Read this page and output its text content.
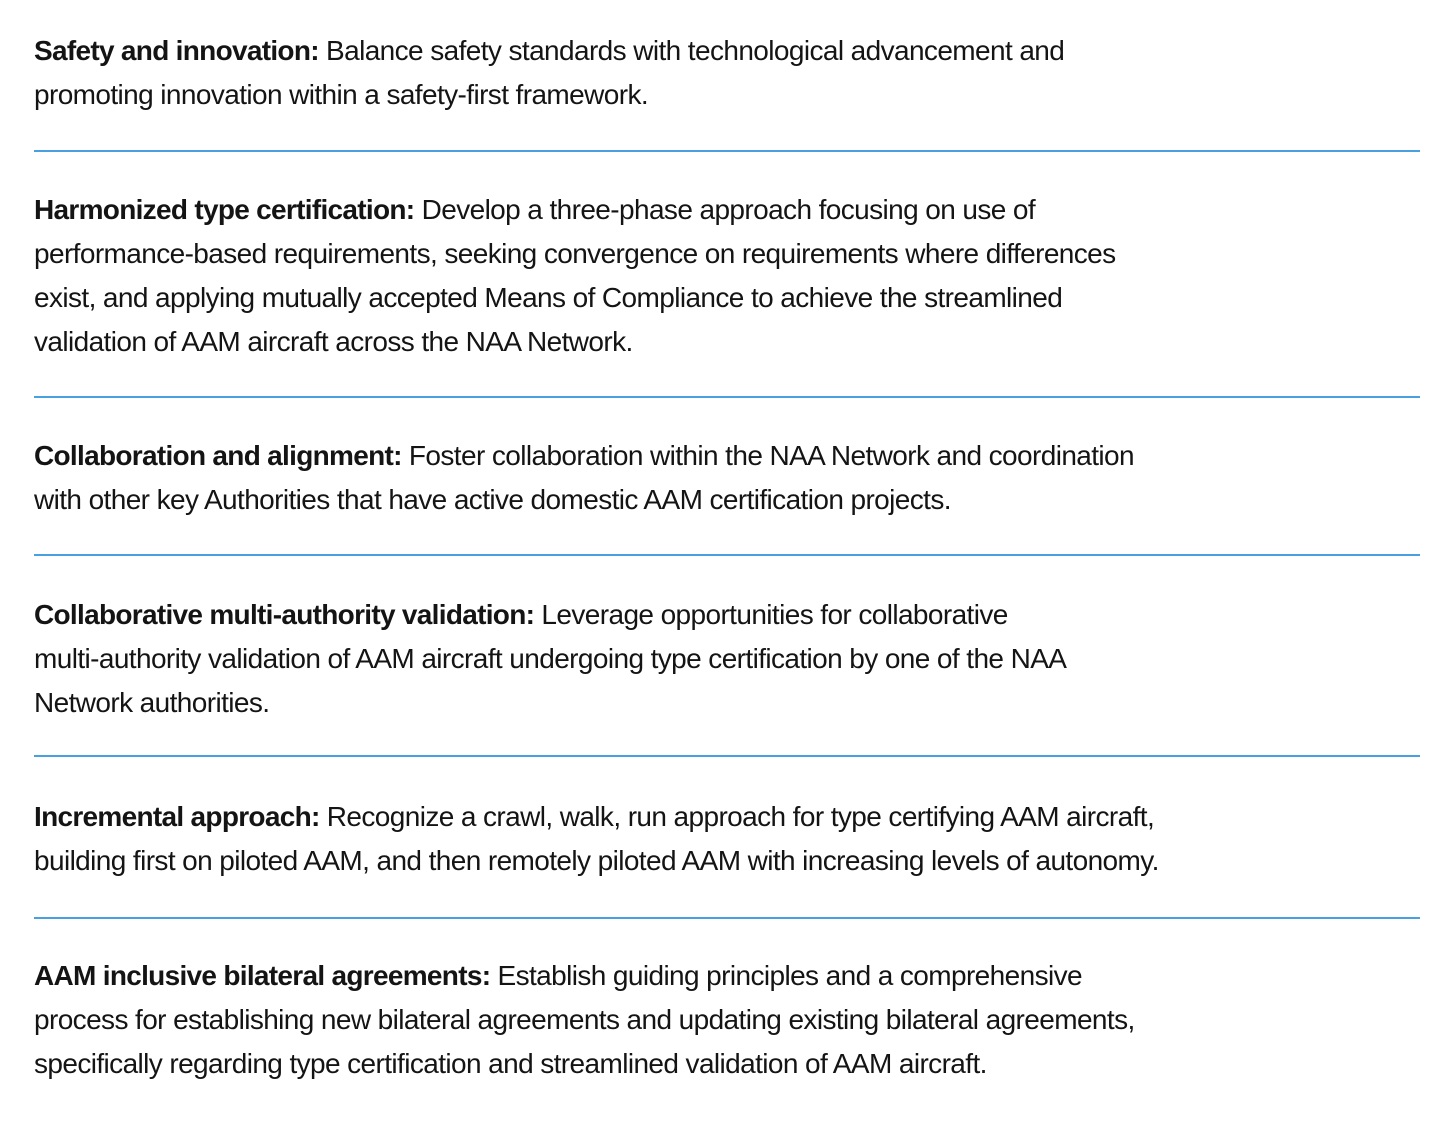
Safety and innovation: Balance safety standards with technological advancement and
promoting innovation within a safety-first framework.
Harmonized type certification: Develop a three-phase approach focusing on use of
performance-based requirements, seeking convergence on requirements where differences
exist, and applying mutually accepted Means of Compliance to achieve the streamlined
validation of AAM aircraft across the NAA Network.
Collaboration and alignment: Foster collaboration within the NAA Network and coordination
with other key Authorities that have active domestic AAM certification projects.
Collaborative multi-authority validation: Leverage opportunities for collaborative
multi-authority validation of AAM aircraft undergoing type certification by one of the NAA
Network authorities.
Incremental approach: Recognize a crawl, walk, run approach for type certifying AAM aircraft,
building first on piloted AAM, and then remotely piloted AAM with increasing levels of autonomy.
AAM inclusive bilateral agreements: Establish guiding principles and a comprehensive
process for establishing new bilateral agreements and updating existing bilateral agreements,
specifically regarding type certification and streamlined validation of AAM aircraft.
